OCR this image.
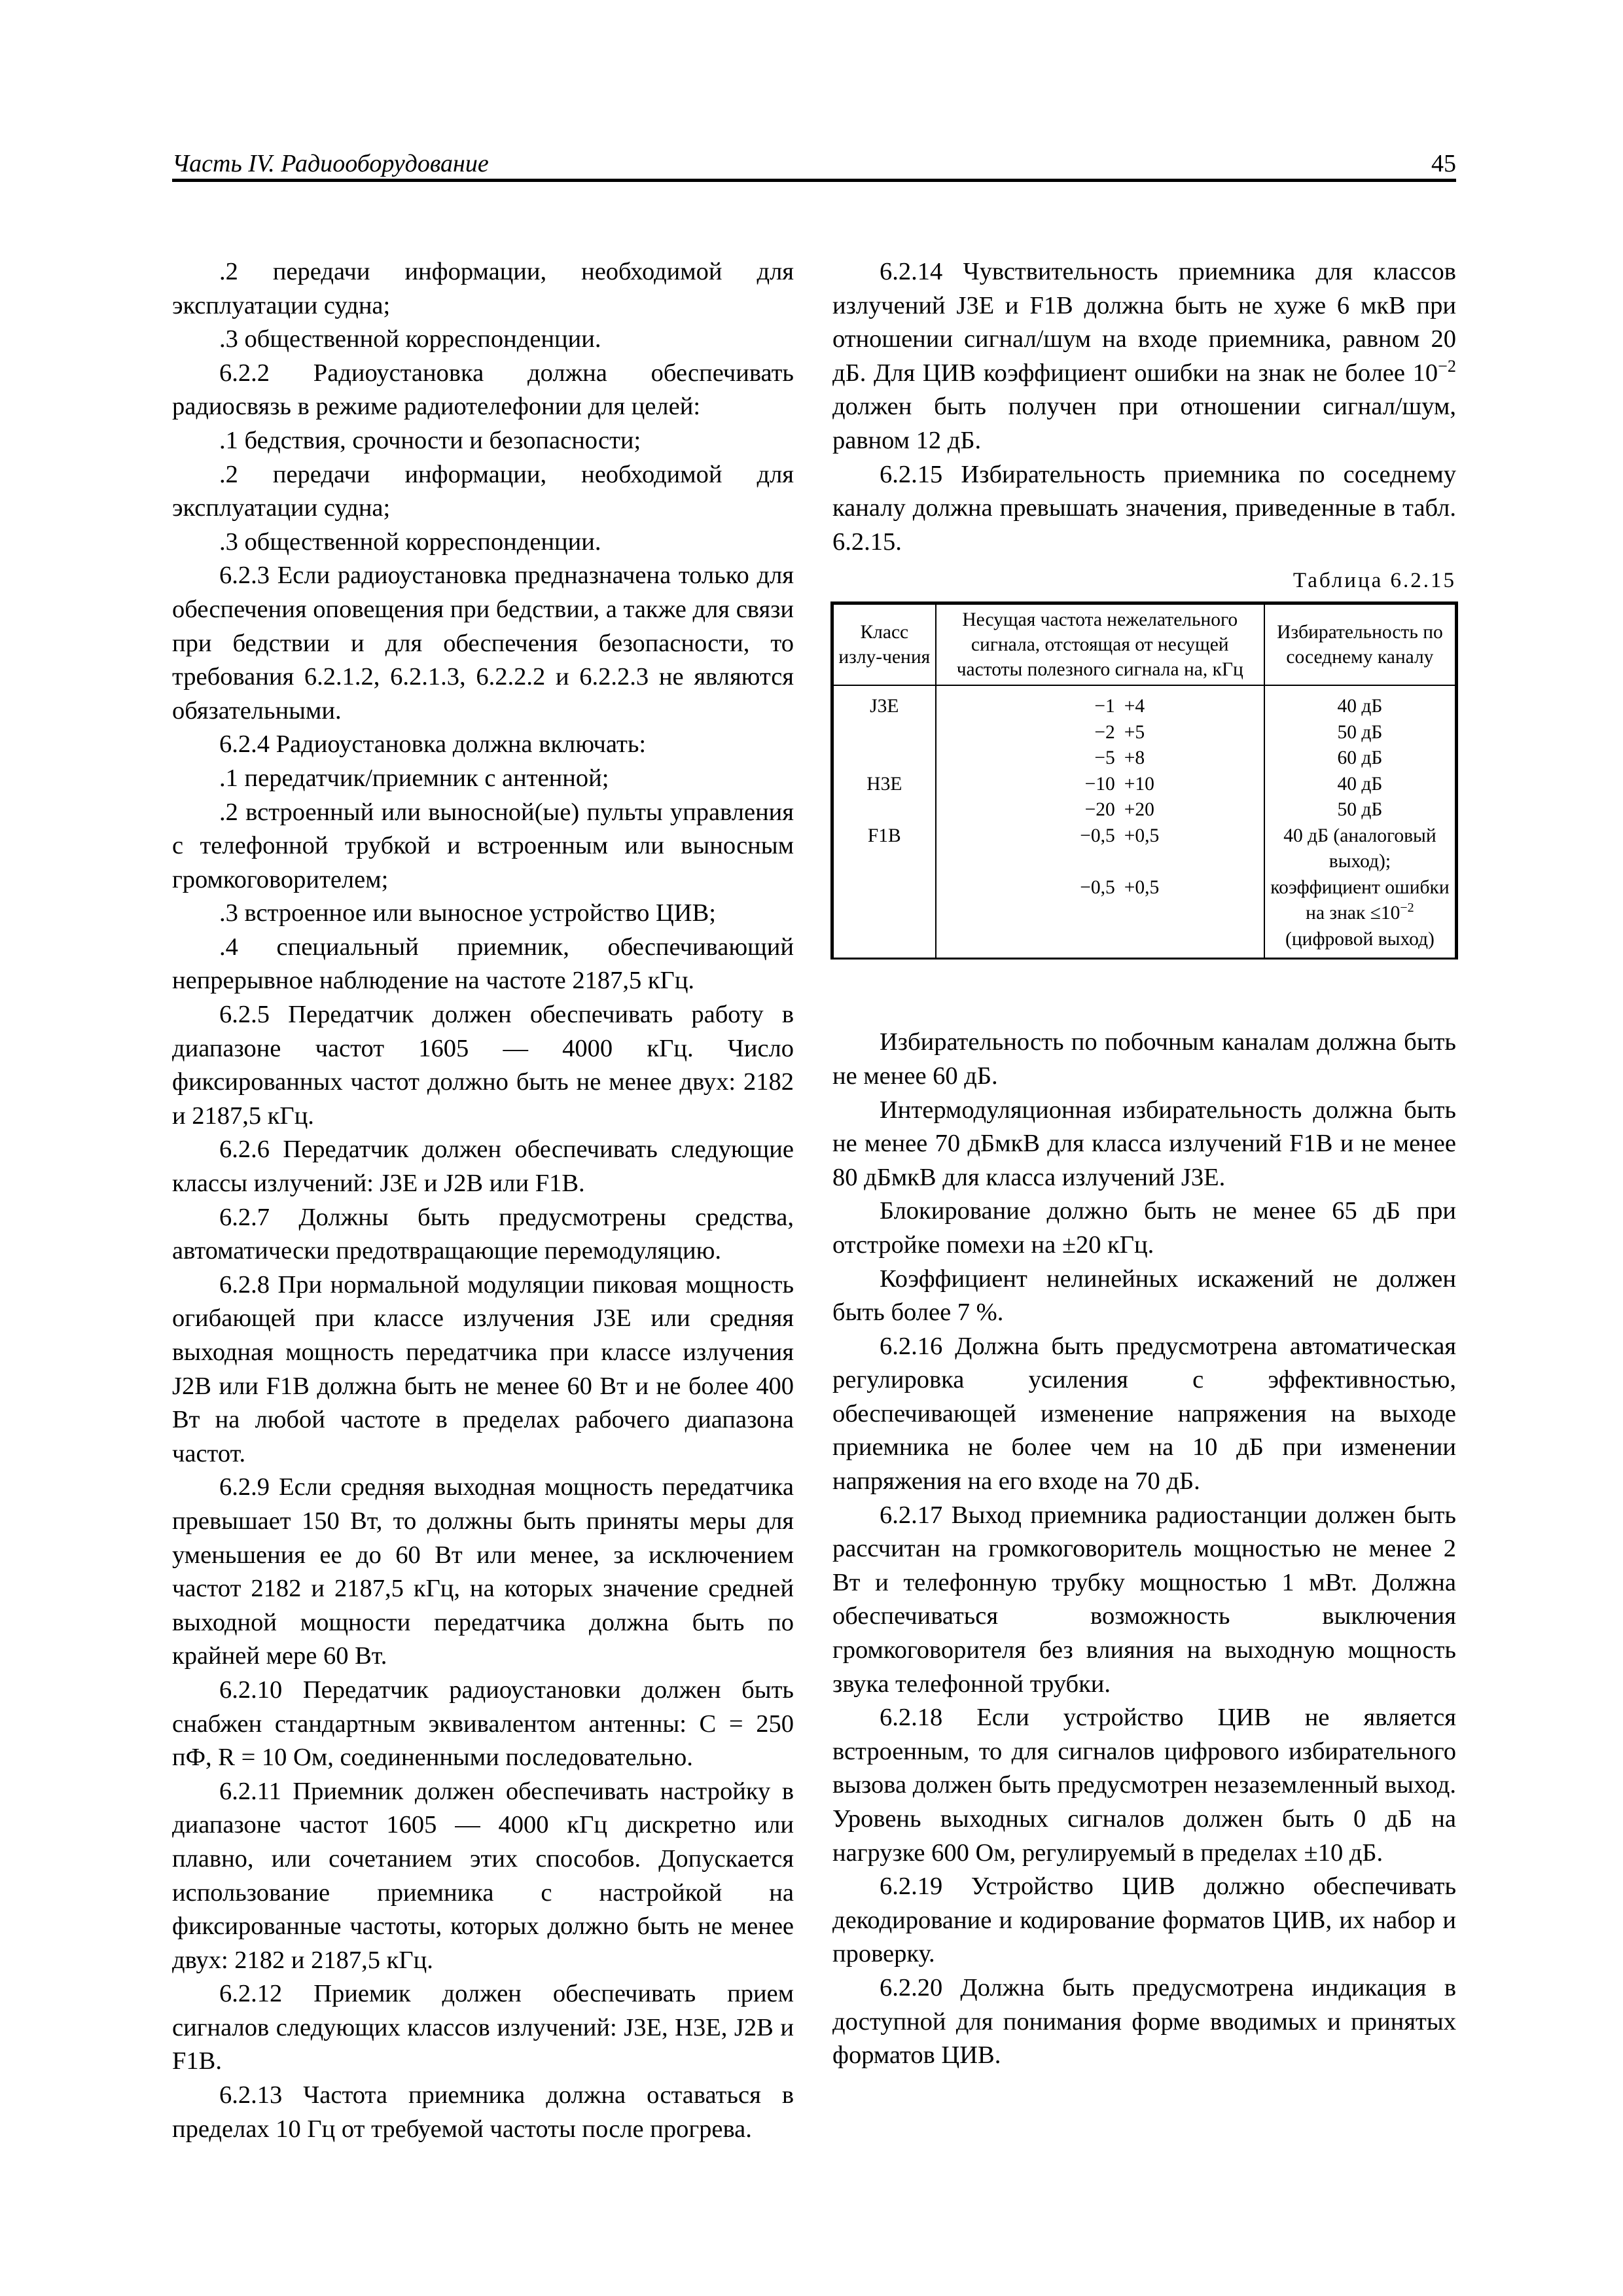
Часть IV. Радиооборудование	45

.2 передачи информации, необходимой для эксплуатации судна;

.3 общественной корреспонденции.

6.2.2 Радиоустановка должна обеспечивать радиосвязь в режиме радиотелефонии для целей:

.1 бедствия, срочности и безопасности;

.2 передачи информации, необходимой для эксплуатации судна;

.3 общественной корреспонденции.

6.2.3 Если радиоустановка предназначена только для обеспечения оповещения при бедствии, а также для связи при бедствии и для обеспечения безопасности, то требования 6.2.1.2, 6.2.1.3, 6.2.2.2 и 6.2.2.3 не являются обязательными.

6.2.4 Радиоустановка должна включать:

.1 передатчик/приемник с антенной;

.2 встроенный или выносной(ые) пульты управления с телефонной трубкой и встроенным или выносным громкоговорителем;

.3 встроенное или выносное устройство ЦИВ;

.4 специальный приемник, обеспечивающий непрерывное наблюдение на частоте 2187,5 кГц.

6.2.5 Передатчик должен обеспечивать работу в диапазоне частот 1605 — 4000 кГц. Число фиксированных частот должно быть не менее двух: 2182 и 2187,5 кГц.

6.2.6 Передатчик должен обеспечивать следующие классы излучений: J3E и J2B или F1B.

6.2.7 Должны быть предусмотрены средства, автоматически предотвращающие перемодуляцию.

6.2.8 При нормальной модуляции пиковая мощность огибающей при классе излучения J3E или средняя выходная мощность передатчика при классе излучения J2B или F1B должна быть не менее 60 Вт и не более 400 Вт на любой частоте в пределах рабочего диапазона частот.

6.2.9 Если средняя выходная мощность передатчика превышает 150 Вт, то должны быть приняты меры для уменьшения ее до 60 Вт или менее, за исключением частот 2182 и 2187,5 кГц, на которых значение средней выходной мощности передатчика должна быть по крайней мере 60 Вт.

6.2.10 Передатчик радиоустановки должен быть снабжен стандартным эквивалентом антенны: C = 250 пФ, R = 10 Ом, соединенными последовательно.

6.2.11 Приемник должен обеспечивать настройку в диапазоне частот 1605 — 4000 кГц дискретно или плавно, или сочетанием этих способов. Допускается использование приемника с настройкой на фиксированные частоты, которых должно быть не менее двух: 2182 и 2187,5 кГц.

6.2.12 Приемик должен обеспечивать прием сигналов следующих классов излучений: J3E, H3E, J2B и F1B.

6.2.13 Частота приемника должна оставаться в пределах 10 Гц от требуемой частоты после прогрева.

6.2.14 Чувствительность приемника для классов излучений J3E и F1B должна быть не хуже 6 мкВ при отношении сигнал/шум на входе приемника, равном 20 дБ. Для ЦИВ коэффициент ошибки на знак не более $10^{-2}$ должен быть получен при отношении сигнал/шум, равном 12 дБ.

6.2.15 Избирательность приемника по соседнему каналу должна превышать значения, приведенные в табл. 6.2.15.

Таблица 6.2.15
Класс излу-чения	Несущая частота нежелательного сигнала, отстоящая от несущей частоты полезного сигнала на, кГц	Избирательность по соседнему каналу
J3E	−1 +4	40 дБ
	−2 +5	50 дБ
	−5 +8	60 дБ
H3E	−10 +10	40 дБ
	−20 +20	50 дБ
F1B	−0,5 +0,5	40 дБ (аналоговый выход);
	−0,5 +0,5	коэффициент ошибки на знак $\le 10^{-2}$
(цифровой выход)

Избирательность по побочным каналам должна быть не менее 60 дБ.

Интермодуляционная избирательность должна быть не менее 70 дБмкВ для класса излучений F1B и не менее 80 дБмкВ для класса излучений J3E.

Блокирование должно быть не менее 65 дБ при отстройке помехи на ±20 кГц.

Коэффициент нелинейных искажений не должен быть более 7 %.

6.2.16 Должна быть предусмотрена автоматическая регулировка усиления с эффективностью, обеспечивающей изменение напряжения на выходе приемника не более чем на 10 дБ при изменении напряжения на его входе на 70 дБ.

6.2.17 Выход приемника радиостанции должен быть рассчитан на громкоговоритель мощностью не менее 2 Вт и телефонную трубку мощностью 1 мВт. Должна обеспечиваться возможность выключения громкоговорителя без влияния на выходную мощность звука телефонной трубки.

6.2.18 Если устройство ЦИВ не является встроенным, то для сигналов цифрового избирательного вызова должен быть предусмотрен незаземленный выход. Уровень выходных сигналов должен быть 0 дБ на нагрузке 600 Ом, регулируемый в пределах ±10 дБ.

6.2.19 Устройство ЦИВ должно обеспечивать декодирование и кодирование форматов ЦИВ, их набор и проверку.

6.2.20 Должна быть предусмотрена индикация в доступной для понимания форме вводимых и принятых форматов ЦИВ.
